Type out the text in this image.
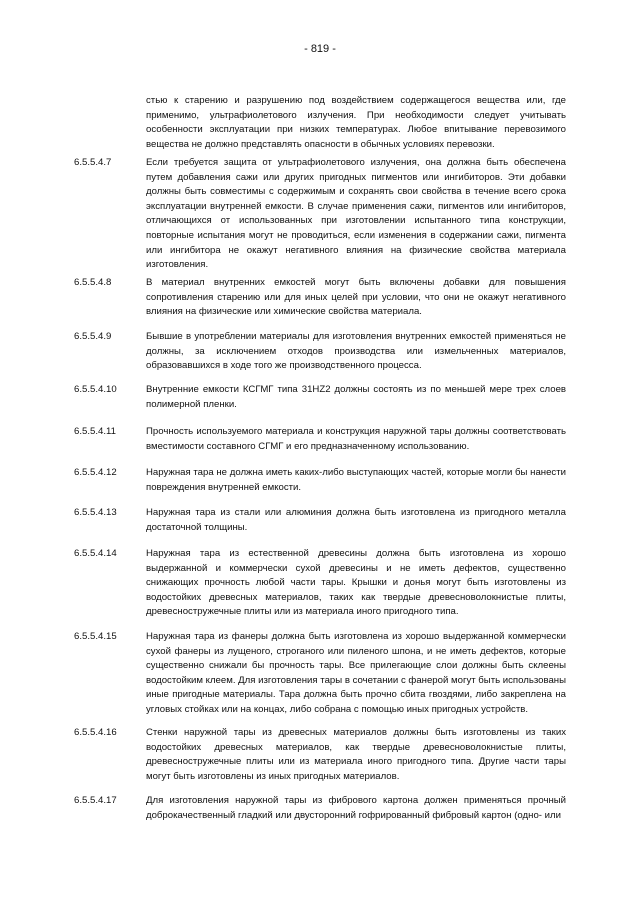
- 819 -
стью к старению и разрушению под воздействием содержащегося вещества или, где применимо, ультрафиолетового излучения. При необходимости следует учитывать особенности эксплуатации при низких температурах. Любое впитывание перевозимого вещества не должно представлять опасности в обычных условиях перевозки.
6.5.5.4.7	Если требуется защита от ультрафиолетового излучения, она должна быть обеспечена путем добавления сажи или других пригодных пигментов или ингибиторов. Эти добавки должны быть совместимы с содержимым и сохранять свои свойства в течение всего срока эксплуатации внутренней емкости. В случае применения сажи, пигментов или ингибиторов, отличающихся от использованных при изготовлении испытанного типа конструкции, повторные испытания могут не проводиться, если изменения в содержании сажи, пигмента или ингибитора не окажут негативного влияния на физические свойства материала изготовления.
6.5.5.4.8	В материал внутренних емкостей могут быть включены добавки для повышения сопротивления старению или для иных целей при условии, что они не окажут негативного влияния на физические или химические свойства материала.
6.5.5.4.9	Бывшие в употреблении материалы для изготовления внутренних емкостей применяться не должны, за исключением отходов производства или измельченных материалов, образовавшихся в ходе того же производственного процесса.
6.5.5.4.10	Внутренние емкости КСГМГ типа 31HZ2 должны состоять из по меньшей мере трех слоев полимерной пленки.
6.5.5.4.11	Прочность используемого материала и конструкция наружной тары должны соответствовать вместимости составного СГМГ и его предназначенному использованию.
6.5.5.4.12	Наружная тара не должна иметь каких-либо выступающих частей, которые могли бы нанести повреждения внутренней емкости.
6.5.5.4.13	Наружная тара из стали или алюминия должна быть изготовлена из пригодного металла достаточной толщины.
6.5.5.4.14	Наружная тара из естественной древесины должна быть изготовлена из хорошо выдержанной и коммерчески сухой древесины и не иметь дефектов, существенно снижающих прочность любой части тары. Крышки и донья могут быть изготовлены из водостойких древесных материалов, таких как твердые древесноволокнистые плиты, древесностружечные плиты или из материала иного пригодного типа.
6.5.5.4.15	Наружная тара из фанеры должна быть изготовлена из хорошо выдержанной коммерчески сухой фанеры из лущеного, строганого или пиленого шпона, и не иметь дефектов, которые существенно снижали бы прочность тары. Все прилегающие слои должны быть склеены водостойким клеем. Для изготовления тары в сочетании с фанерой могут быть использованы иные пригодные материалы. Тара должна быть прочно сбита гвоздями, либо закреплена на угловых стойках или на концах, либо собрана с помощью иных пригодных устройств.
6.5.5.4.16	Стенки наружной тары из древесных материалов должны быть изготовлены из таких водостойких древесных материалов, как твердые древесноволокнистые плиты, древесностружечные плиты или из материала иного пригодного типа. Другие части тары могут быть изготовлены из иных пригодных материалов.
6.5.5.4.17	Для изготовления наружной тары из фибрового картона должен применяться прочный доброкачественный гладкий или двусторонний гофрированный фибровый картон (одно- или
